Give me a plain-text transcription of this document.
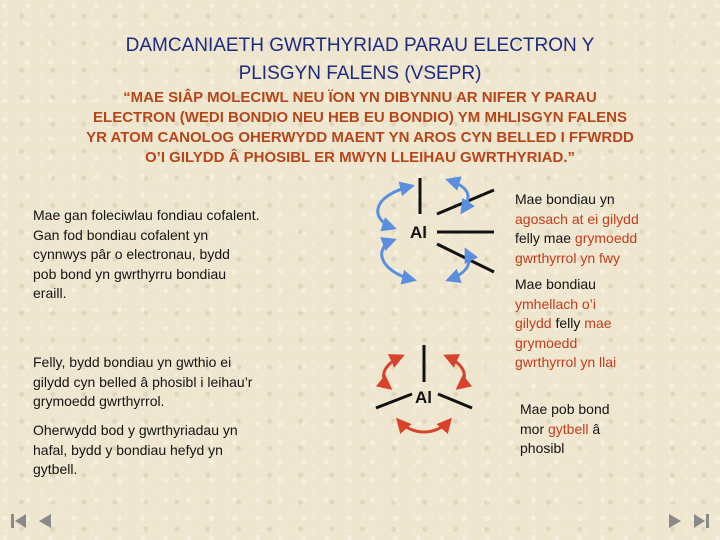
DAMCANIAETH GWRTHYRIAD PARAU ELECTRON Y
PLISGYN FALENS (VSEPR)
“MAE SIÂP MOLECIWL NEU ÏON YN DIBYNNU AR NIFER Y PARAU
ELECTRON (WEDI BONDIO NEU HEB EU BONDIO) YM MHLISGYN FALENS
YR ATOM CANOLOG OHERWYDD MAENT YN AROS CYN BELLED I FFWRDD
O’I GILYDD Â PHOSIBL ER MWYN LLEIHAU GWRTHYRIAD.”
Mae gan foleciwlau fondiau cofalent.
Gan fod bondiau cofalent yn
cynnwys pâr o electronau, bydd
pob bond yn gwrthyrru bondiau
eraill.
Felly, bydd bondiau yn gwthio ei
gilydd cyn belled â phosibl i leihau’r
grymoedd gwrthyrrol.
Oherwydd bod y gwrthyriadau yn
hafal, bydd y bondiau hefyd yn
gytbell.
Al
Al
Mae bondiau yn
agosach at ei gilydd
felly mae grymoedd
gwrthyrrol yn fwy
Mae bondiau
ymhellach o’i
gilydd felly mae
grymoedd
gwrthyrrol yn llai
Mae pob bond
mor gytbell â
phosibl
